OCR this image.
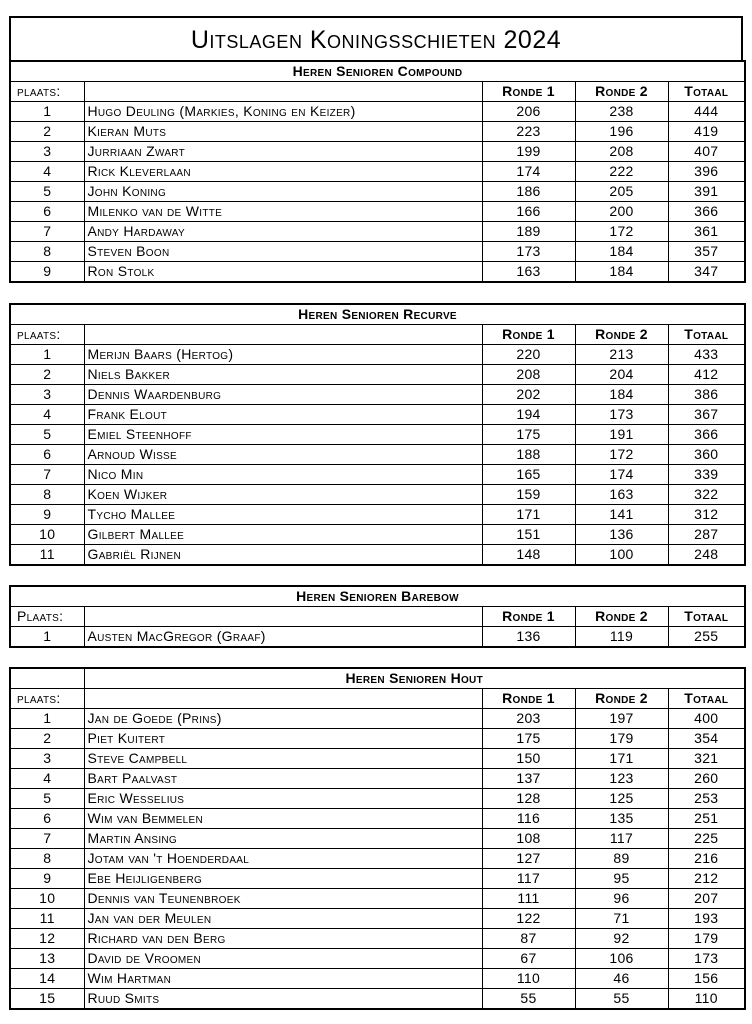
Uitslagen Koningsschieten 2024
Heren Senioren Compound				
plaats:		Ronde 1	Ronde 2	Totaal
1	Hugo Deuling (Markies, Koning en Keizer)	206	238	444
2	Kieran Muts	223	196	419
3	Jurriaan Zwart	199	208	407
4	Rick Kleverlaan	174	222	396
5	John Koning	186	205	391
6	Milenko van de Witte	166	200	366
7	Andy Hardaway	189	172	361
8	Steven Boon	173	184	357
9	Ron Stolk	163	184	347
Heren Senioren Recurve				
plaats:		Ronde 1	Ronde 2	Totaal
1	Merijn Baars (Hertog)	220	213	433
2	Niels Bakker	208	204	412
3	Dennis Waardenburg	202	184	386
4	Frank Elout	194	173	367
5	Emiel Steenhoff	175	191	366
6	Arnoud Wisse	188	172	360
7	Nico Min	165	174	339
8	Koen Wijker	159	163	322
9	Tycho Mallee	171	141	312
10	Gilbert Mallee	151	136	287
11	Gabriël Rijnen	148	100	248
Heren Senioren Barebow				
Plaats:		Ronde 1	Ronde 2	Totaal
1	Austen MacGregor (Graaf)	136	119	255
	Heren Senioren Hout			
plaats:		Ronde 1	Ronde 2	Totaal
1	Jan de Goede (Prins)	203	197	400
2	Piet Kuitert	175	179	354
3	Steve Campbell	150	171	321
4	Bart Paalvast	137	123	260
5	Eric Wesselius	128	125	253
6	Wim van Bemmelen	116	135	251
7	Martin Ansing	108	117	225
8	Jotam van 't Hoenderdaal	127	89	216
9	Ebe Heijligenberg	117	95	212
10	Dennis van Teunenbroek	111	96	207
11	Jan van der Meulen	122	71	193
12	Richard van den Berg	87	92	179
13	David de Vroomen	67	106	173
14	Wim Hartman	110	46	156
15	Ruud Smits	55	55	110
